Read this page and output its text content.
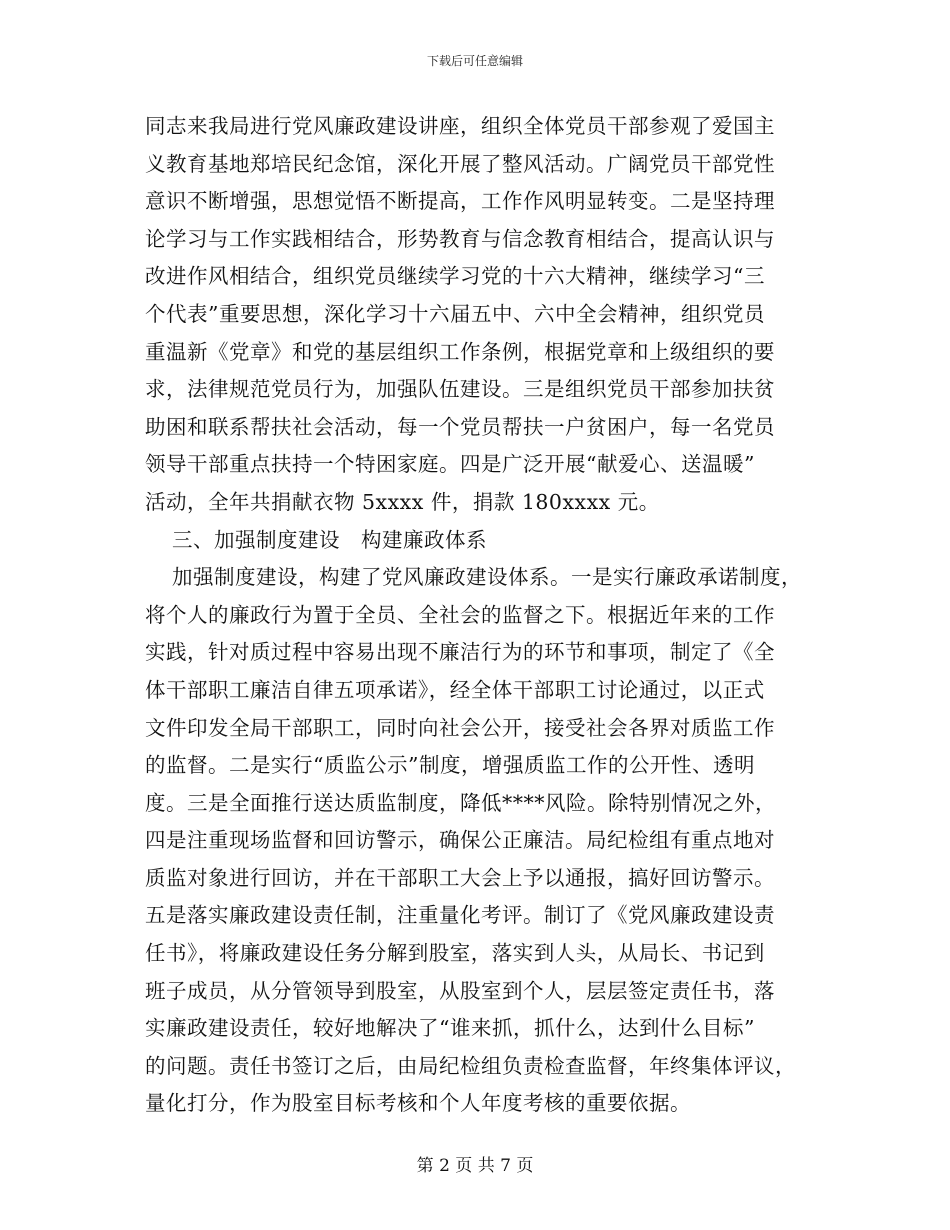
下载后可任意编辑
同志来我局进行党风廉政建设讲座，组织全体党员干部参观了爱国主
义教育基地郑培民纪念馆，深化开展了整风活动。广阔党员干部党性
意识不断增强，思想觉悟不断提高，工作作风明显转变。二是坚持理
论学习与工作实践相结合，形势教育与信念教育相结合，提高认识与
改进作风相结合，组织党员继续学习党的十六大精神，继续学习“三
个代表”重要思想，深化学习十六届五中、六中全会精神，组织党员
重温新《党章》和党的基层组织工作条例，根据党章和上级组织的要
求，法律规范党员行为，加强队伍建设。三是组织党员干部参加扶贫
助困和联系帮扶社会活动，每一个党员帮扶一户贫困户，每一名党员
领导干部重点扶持一个特困家庭。四是广泛开展“献爱心、送温暖”
活动，全年共捐献衣物 5xxxx 件，捐款 180xxxx 元。
三、加强制度建设　构建廉政体系
加强制度建设，构建了党风廉政建设体系。一是实行廉政承诺制度，
将个人的廉政行为置于全员、全社会的监督之下。根据近年来的工作
实践，针对质过程中容易出现不廉洁行为的环节和事项，制定了《全
体干部职工廉洁自律五项承诺》，经全体干部职工讨论通过，以正式
文件印发全局干部职工，同时向社会公开，接受社会各界对质监工作
的监督。二是实行“质监公示”制度，增强质监工作的公开性、透明
度。三是全面推行送达质监制度，降低****风险。除特别情况之外，
四是注重现场监督和回访警示，确保公正廉洁。局纪检组有重点地对
质监对象进行回访，并在干部职工大会上予以通报，搞好回访警示。
五是落实廉政建设责任制，注重量化考评。制订了《党风廉政建设责
任书》，将廉政建设任务分解到股室，落实到人头，从局长、书记到
班子成员，从分管领导到股室，从股室到个人，层层签定责任书，落
实廉政建设责任，较好地解决了“谁来抓，抓什么，达到什么目标”
的问题。责任书签订之后，由局纪检组负责检查监督，年终集体评议，
量化打分，作为股室目标考核和个人年度考核的重要依据。
第 2 页 共 7 页
